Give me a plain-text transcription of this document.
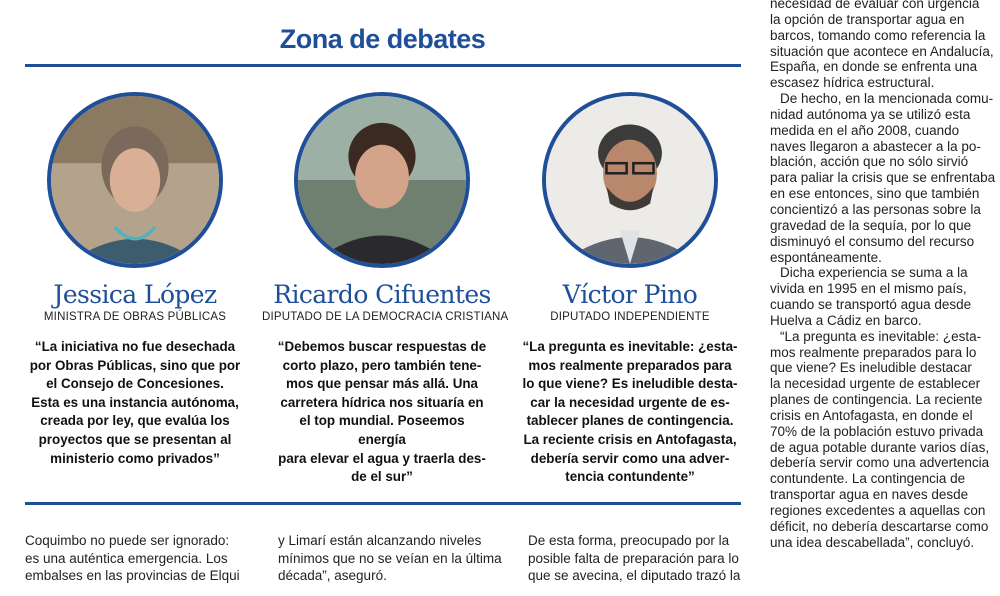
Zona de debates
Jessica López
MINISTRA DE OBRAS PÚBLICAS
“La iniciativa no fue desechada
por Obras Públicas, sino que por
el Consejo de Concesiones.
Esta es una instancia autónoma,
creada por ley, que evalúa los
proyectos que se presentan al
ministerio como privados”
Ricardo Cifuentes
DIPUTADO DE LA DEMOCRACIA CRISTIANA
“Debemos buscar respuestas de
corto plazo, pero también tene-
mos que pensar más allá. Una
carretera hídrica nos situaría en
el top mundial. Poseemos energía
para elevar el agua y traerla des-
de el sur”
Víctor Pino
DIPUTADO INDEPENDIENTE
“La pregunta es inevitable: ¿esta-
mos realmente preparados para
lo que viene? Es ineludible desta-
car la necesidad urgente de es-
tablecer planes de contingencia.
La reciente crisis en Antofagasta,
debería servir como una adver-
tencia contundente”
Coquimbo no puede ser ignorado:
es una auténtica emergencia. Los
embalses en las provincias de Elqui
y Limarí están alcanzando niveles
mínimos que no se veían en la última
década”, aseguró.
De esta forma, preocupado por la
posible falta de preparación para lo
que se avecina, el diputado trazó la
necesidad de evaluar con urgencia
la opción de transportar agua en
barcos, tomando como referencia la
situación que acontece en Andalucía,
España, en donde se enfrenta una
escasez hídrica estructural.
De hecho, en la mencionada comu-
nidad autónoma ya se utilizó esta
medida en el año 2008, cuando
naves llegaron a abastecer a la po-
blación, acción que no sólo sirvió
para paliar la crisis que se enfrentaba
en ese entonces, sino que también
concientizó a las personas sobre la
gravedad de la sequía, por lo que
disminuyó el consumo del recurso
espontáneamente.
Dicha experiencia se suma a la
vivida en 1995 en el mismo país,
cuando se transportó agua desde
Huelva a Cádiz en barco.
“La pregunta es inevitable: ¿esta-
mos realmente preparados para lo
que viene? Es ineludible destacar
la necesidad urgente de establecer
planes de contingencia. La reciente
crisis en Antofagasta, en donde el
70% de la población estuvo privada
de agua potable durante varios días,
debería servir como una advertencia
contundente. La contingencia de
transportar agua en naves desde
regiones excedentes a aquellas con
déficit, no debería descartarse como
una idea descabellada”, concluyó.
